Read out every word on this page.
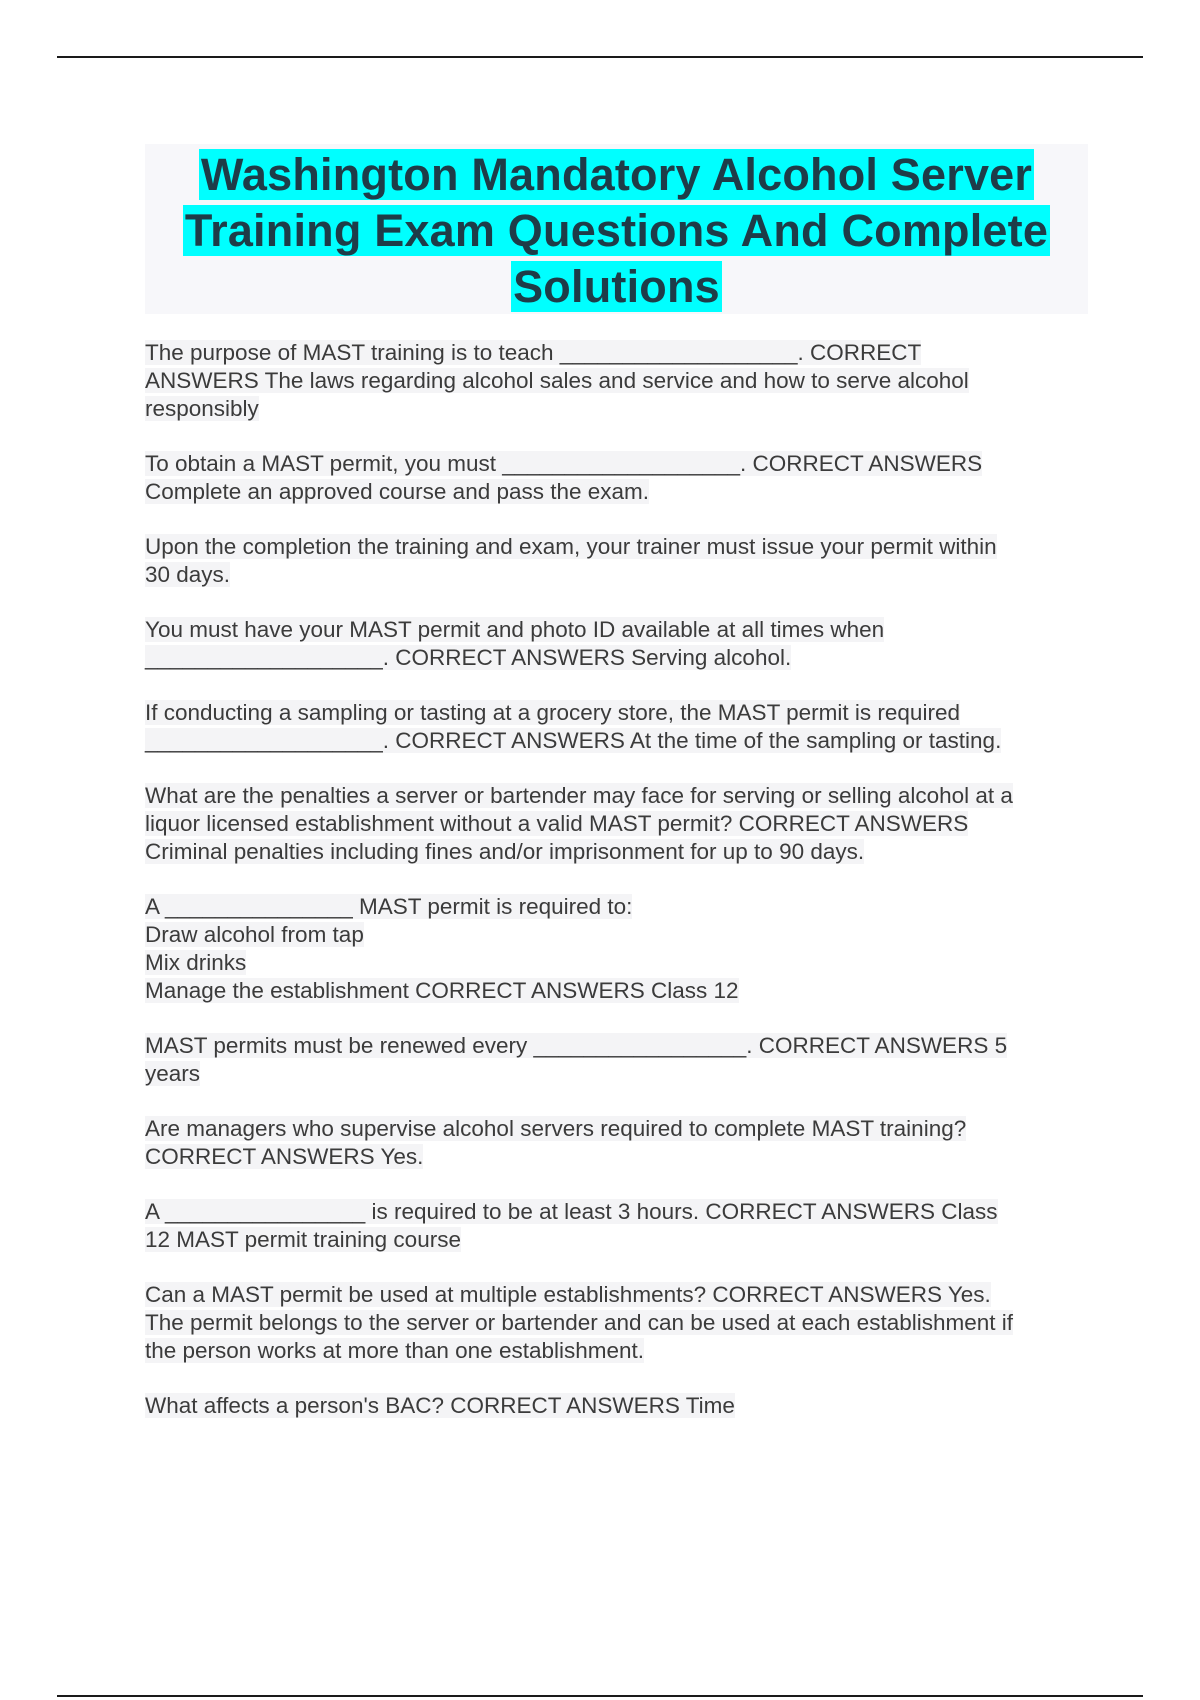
Washington Mandatory Alcohol Server
Training Exam Questions And Complete
Solutions
The purpose of MAST training is to teach ___________________. CORRECT
ANSWERS The laws regarding alcohol sales and service and how to serve alcohol
responsibly
To obtain a MAST permit, you must ___________________. CORRECT ANSWERS
Complete an approved course and pass the exam.
Upon the completion the training and exam, your trainer must issue your permit within
30 days.
You must have your MAST permit and photo ID available at all times when
___________________. CORRECT ANSWERS Serving alcohol.
If conducting a sampling or tasting at a grocery store, the MAST permit is required
___________________. CORRECT ANSWERS At the time of the sampling or tasting.
What are the penalties a server or bartender may face for serving or selling alcohol at a
liquor licensed establishment without a valid MAST permit? CORRECT ANSWERS
Criminal penalties including fines and/or imprisonment for up to 90 days.
A _______________ MAST permit is required to:
Draw alcohol from tap
Mix drinks
Manage the establishment CORRECT ANSWERS Class 12
MAST permits must be renewed every _________________. CORRECT ANSWERS 5
years
Are managers who supervise alcohol servers required to complete MAST training?
CORRECT ANSWERS Yes.
A ________________ is required to be at least 3 hours. CORRECT ANSWERS Class
12 MAST permit training course
Can a MAST permit be used at multiple establishments? CORRECT ANSWERS Yes.
The permit belongs to the server or bartender and can be used at each establishment if
the person works at more than one establishment.
What affects a person's BAC? CORRECT ANSWERS Time
